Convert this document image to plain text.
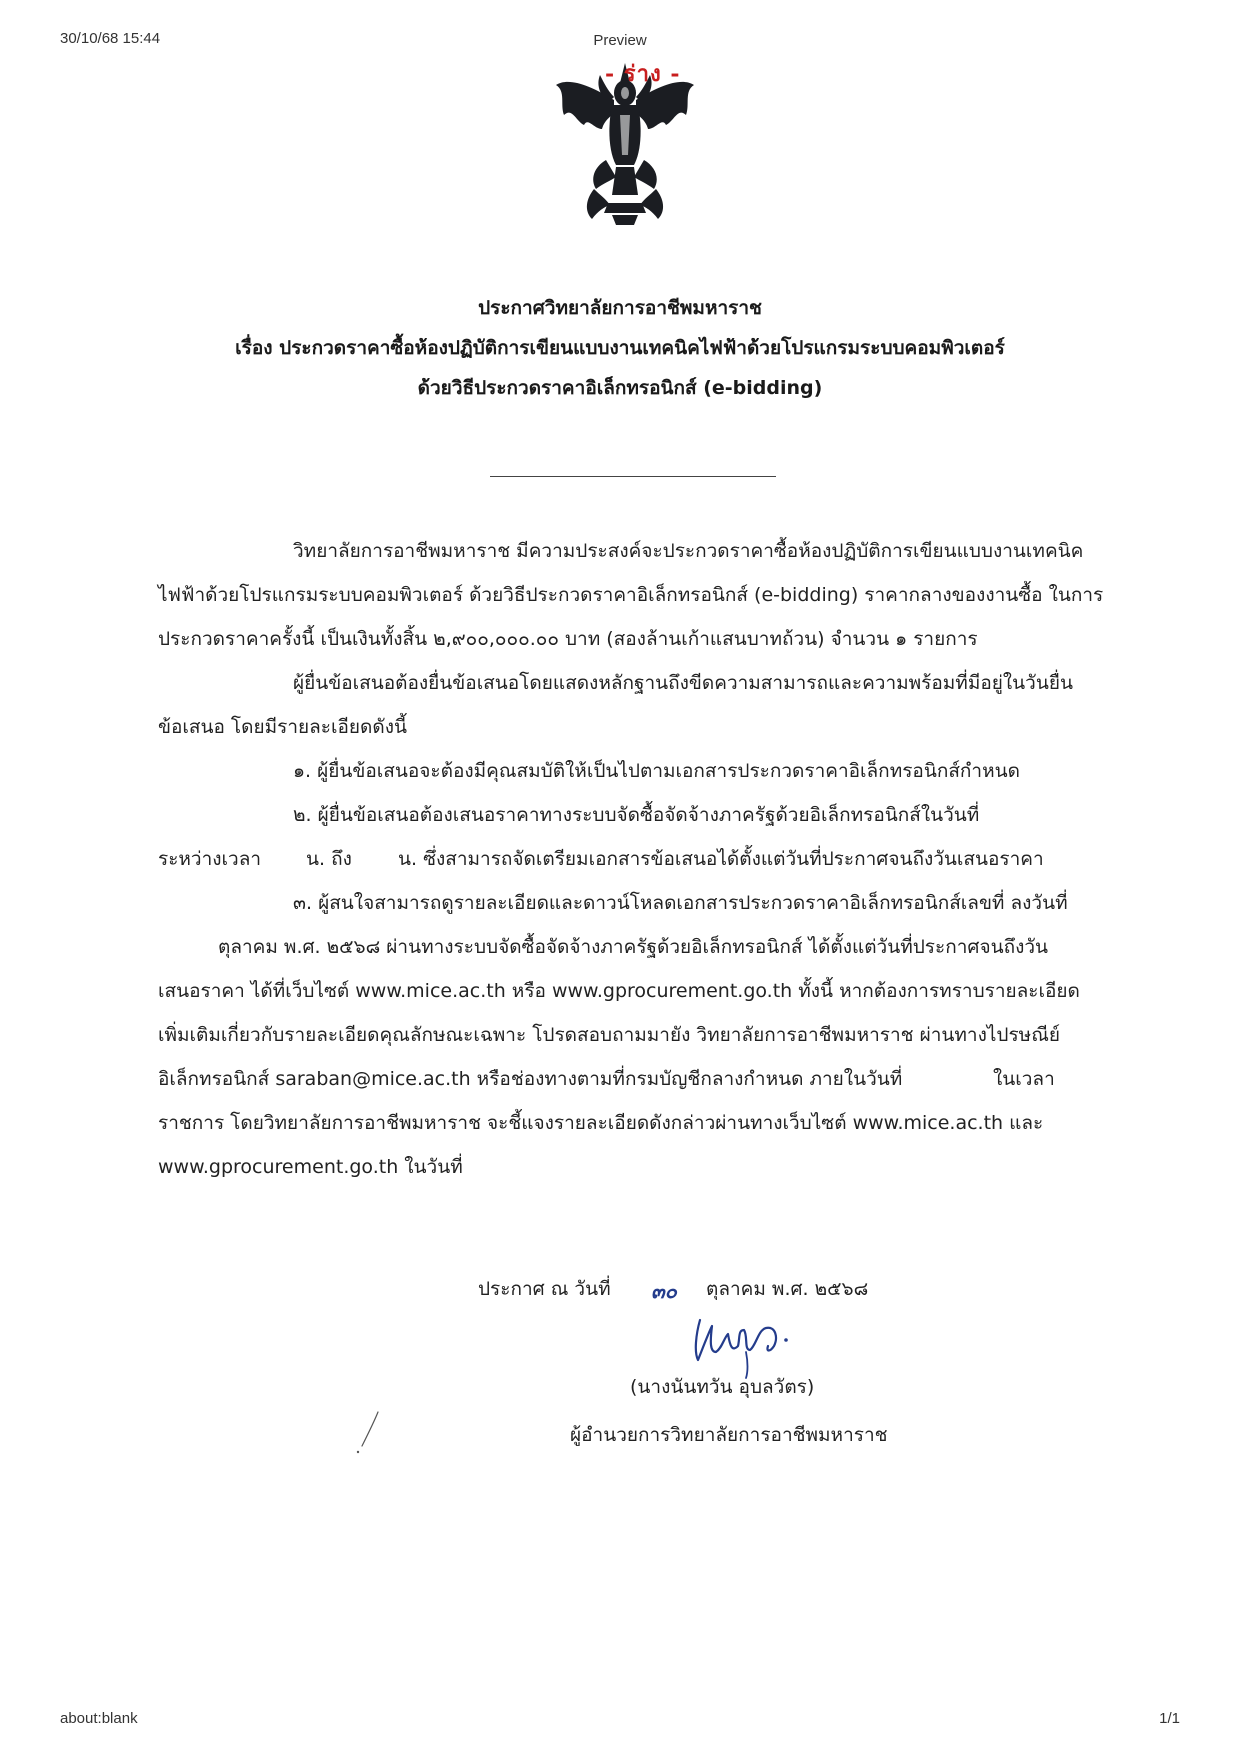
30/10/68 15:44	Preview
- ร่าง -
ประกาศวิทยาลัยการอาชีพมหาราช
เรื่อง ประกวดราคาซื้อห้องปฏิบัติการเขียนแบบงานเทคนิคไฟฟ้าด้วยโปรแกรมระบบคอมพิวเตอร์
ด้วยวิธีประกวดราคาอิเล็กทรอนิกส์ (e-bidding)
วิทยาลัยการอาชีพมหาราช มีความประสงค์จะประกวดราคาซื้อห้องปฏิบัติการเขียนแบบงานเทคนิค
ไฟฟ้าด้วยโปรแกรมระบบคอมพิวเตอร์ ด้วยวิธีประกวดราคาอิเล็กทรอนิกส์ (e-bidding) ราคากลางของงานซื้อ ในการ
ประกวดราคาครั้งนี้ เป็นเงินทั้งสิ้น ๒,๙๐๐,๐๐๐.๐๐ บาท (สองล้านเก้าแสนบาทถ้วน) จำนวน ๑ รายการ
ผู้ยื่นข้อเสนอต้องยื่นข้อเสนอโดยแสดงหลักฐานถึงขีดความสามารถและความพร้อมที่มีอยู่ในวันยื่น
ข้อเสนอ โดยมีรายละเอียดดังนี้
๑. ผู้ยื่นข้อเสนอจะต้องมีคุณสมบัติให้เป็นไปตามเอกสารประกวดราคาอิเล็กทรอนิกส์กำหนด
๒. ผู้ยื่นข้อเสนอต้องเสนอราคาทางระบบจัดซื้อจัดจ้างภาครัฐด้วยอิเล็กทรอนิกส์ในวันที่
ระหว่างเวลา น. ถึง น. ซึ่งสามารถจัดเตรียมเอกสารข้อเสนอได้ตั้งแต่วันที่ประกาศจนถึงวันเสนอราคา
๓. ผู้สนใจสามารถดูรายละเอียดและดาวน์โหลดเอกสารประกวดราคาอิเล็กทรอนิกส์เลขที่ ลงวันที่
ตุลาคม พ.ศ. ๒๕๖๘ ผ่านทางระบบจัดซื้อจัดจ้างภาครัฐด้วยอิเล็กทรอนิกส์ ได้ตั้งแต่วันที่ประกาศจนถึงวัน
เสนอราคา ได้ที่เว็บไซต์ www.mice.ac.th หรือ www.gprocurement.go.th ทั้งนี้ หากต้องการทราบรายละเอียด
เพิ่มเติมเกี่ยวกับรายละเอียดคุณลักษณะเฉพาะ โปรดสอบถามมายัง วิทยาลัยการอาชีพมหาราช ผ่านทางไปรษณีย์
อิเล็กทรอนิกส์ saraban@mice.ac.th หรือช่องทางตามที่กรมบัญชีกลางกำหนด ภายในวันที่	ในเวลา
ราชการ โดยวิทยาลัยการอาชีพมหาราช จะชี้แจงรายละเอียดดังกล่าวผ่านทางเว็บไซต์ www.mice.ac.th และ
www.gprocurement.go.th ในวันที่
ประกาศ ณ วันที่ ๓๐ ตุลาคม พ.ศ. ๒๕๖๘
(นางนันทวัน อุบลวัตร)
ผู้อำนวยการวิทยาลัยการอาชีพมหาราช
about:blank	1/1
